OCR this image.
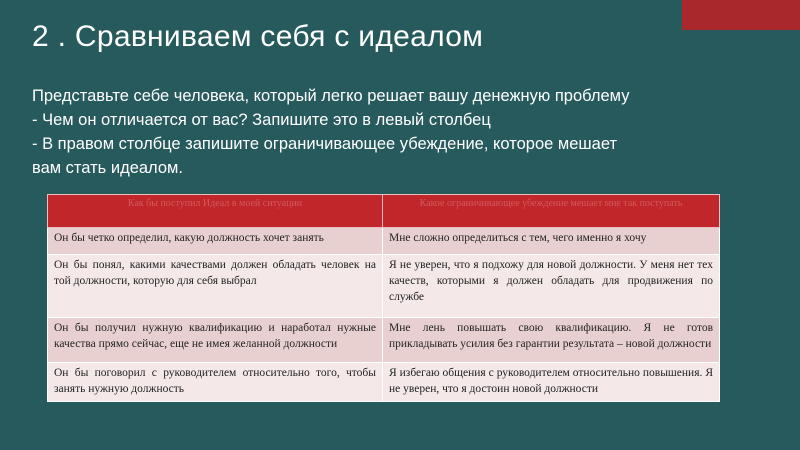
2 . Сравниваем себя с идеалом
Представьте себе человека, который легко решает вашу денежную проблему
- Чем он отличается от вас? Запишите это в левый столбец
- В правом столбце запишите ограничивающее убеждение, которое мешает
вам стать идеалом.
Как бы поступил Идеал в моей ситуации	Какое ограничивающее убеждение мешает мне так поступать
Он бы четко определил, какую должность хочет занять	Мне сложно определиться с тем, чего именно я хочу
Он бы понял, какими качествами должен обладать человек на той должности, которую для себя выбрал	Я не уверен, что я подхожу для новой должности. У меня нет тех качеств, которыми я должен обладать для продвижения по службе
Он бы получил нужную квалификацию и наработал нужные качества прямо сейчас, еще не имея желанной должности	Мне лень повышать свою квалификацию. Я не готов прикладывать усилия без гарантии результата – новой должности
Он бы поговорил с руководителем относительно того, чтобы занять нужную должность	Я избегаю общения с руководителем относительно повышения. Я не уверен, что я достоин новой должности
